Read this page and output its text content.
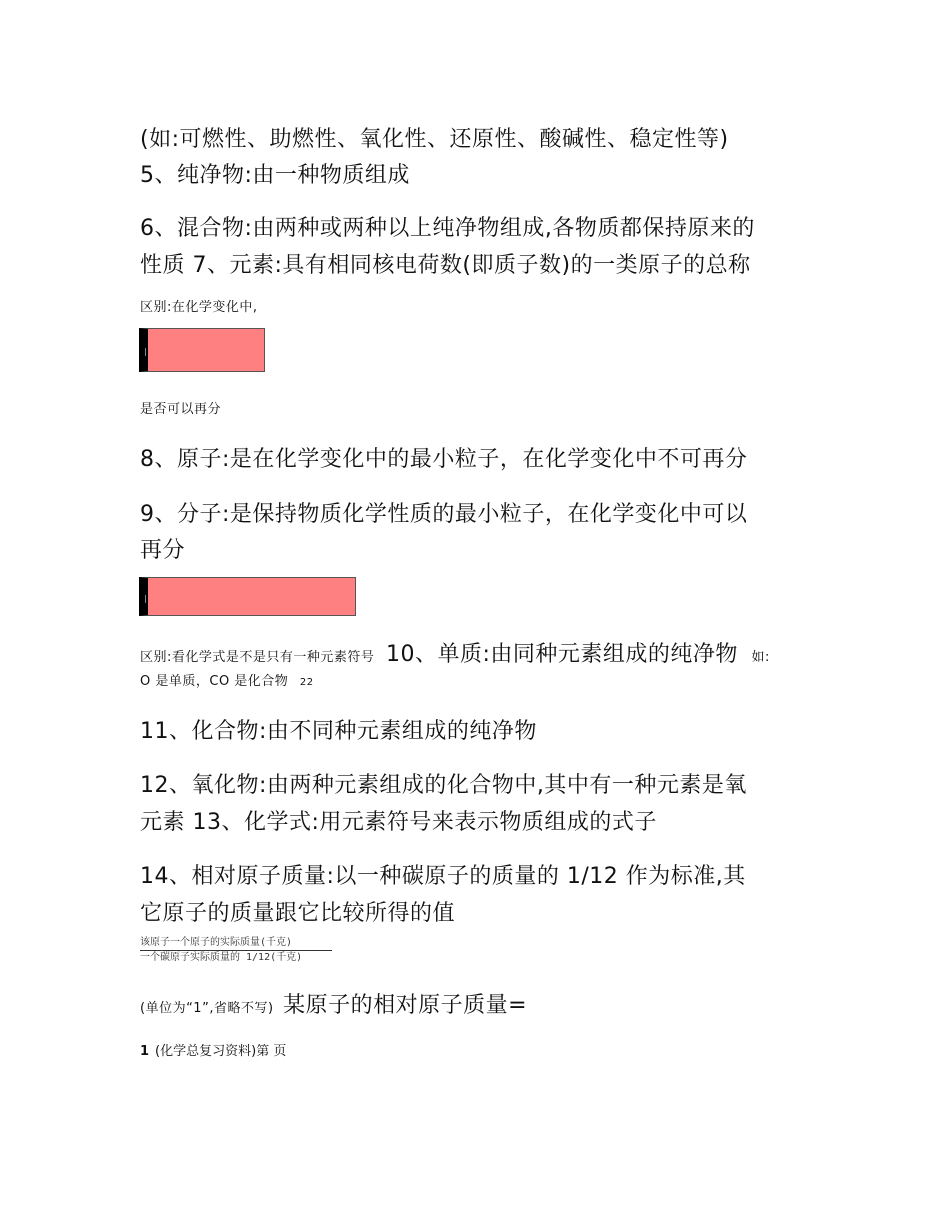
(如:可燃性、助燃性、氧化性、还原性、酸碱性、稳定性等)
5、纯净物:由一种物质组成
6、混合物:由两种或两种以上纯净物组成,各物质都保持原来的
性质 7、元素:具有相同核电荷数(即质子数)的一类原子的总称
区别:在化学变化中,
是否可以再分
8、原子:是在化学变化中的最小粒子，在化学变化中不可再分
9、分子:是保持物质化学性质的最小粒子，在化学变化中可以
再分
区别:看化学式是不是只有一种元素符号 10、单质:由同种元素组成的纯净物 如:
O 是单质，CO 是化合物 22
11、化合物:由不同种元素组成的纯净物
12、氧化物:由两种元素组成的化合物中,其中有一种元素是氧
元素 13、化学式:用元素符号来表示物质组成的式子
14、相对原子质量:以一种碳原子的质量的 1/12 作为标准,其
它原子的质量跟它比较所得的值
该原子一个原子的实际质量(千克)
一个碳原子实际质量的 1/12(千克)
(单位为“1”,省略不写) 某原子的相对原子质量=
1 (化学总复习资料)第 页
